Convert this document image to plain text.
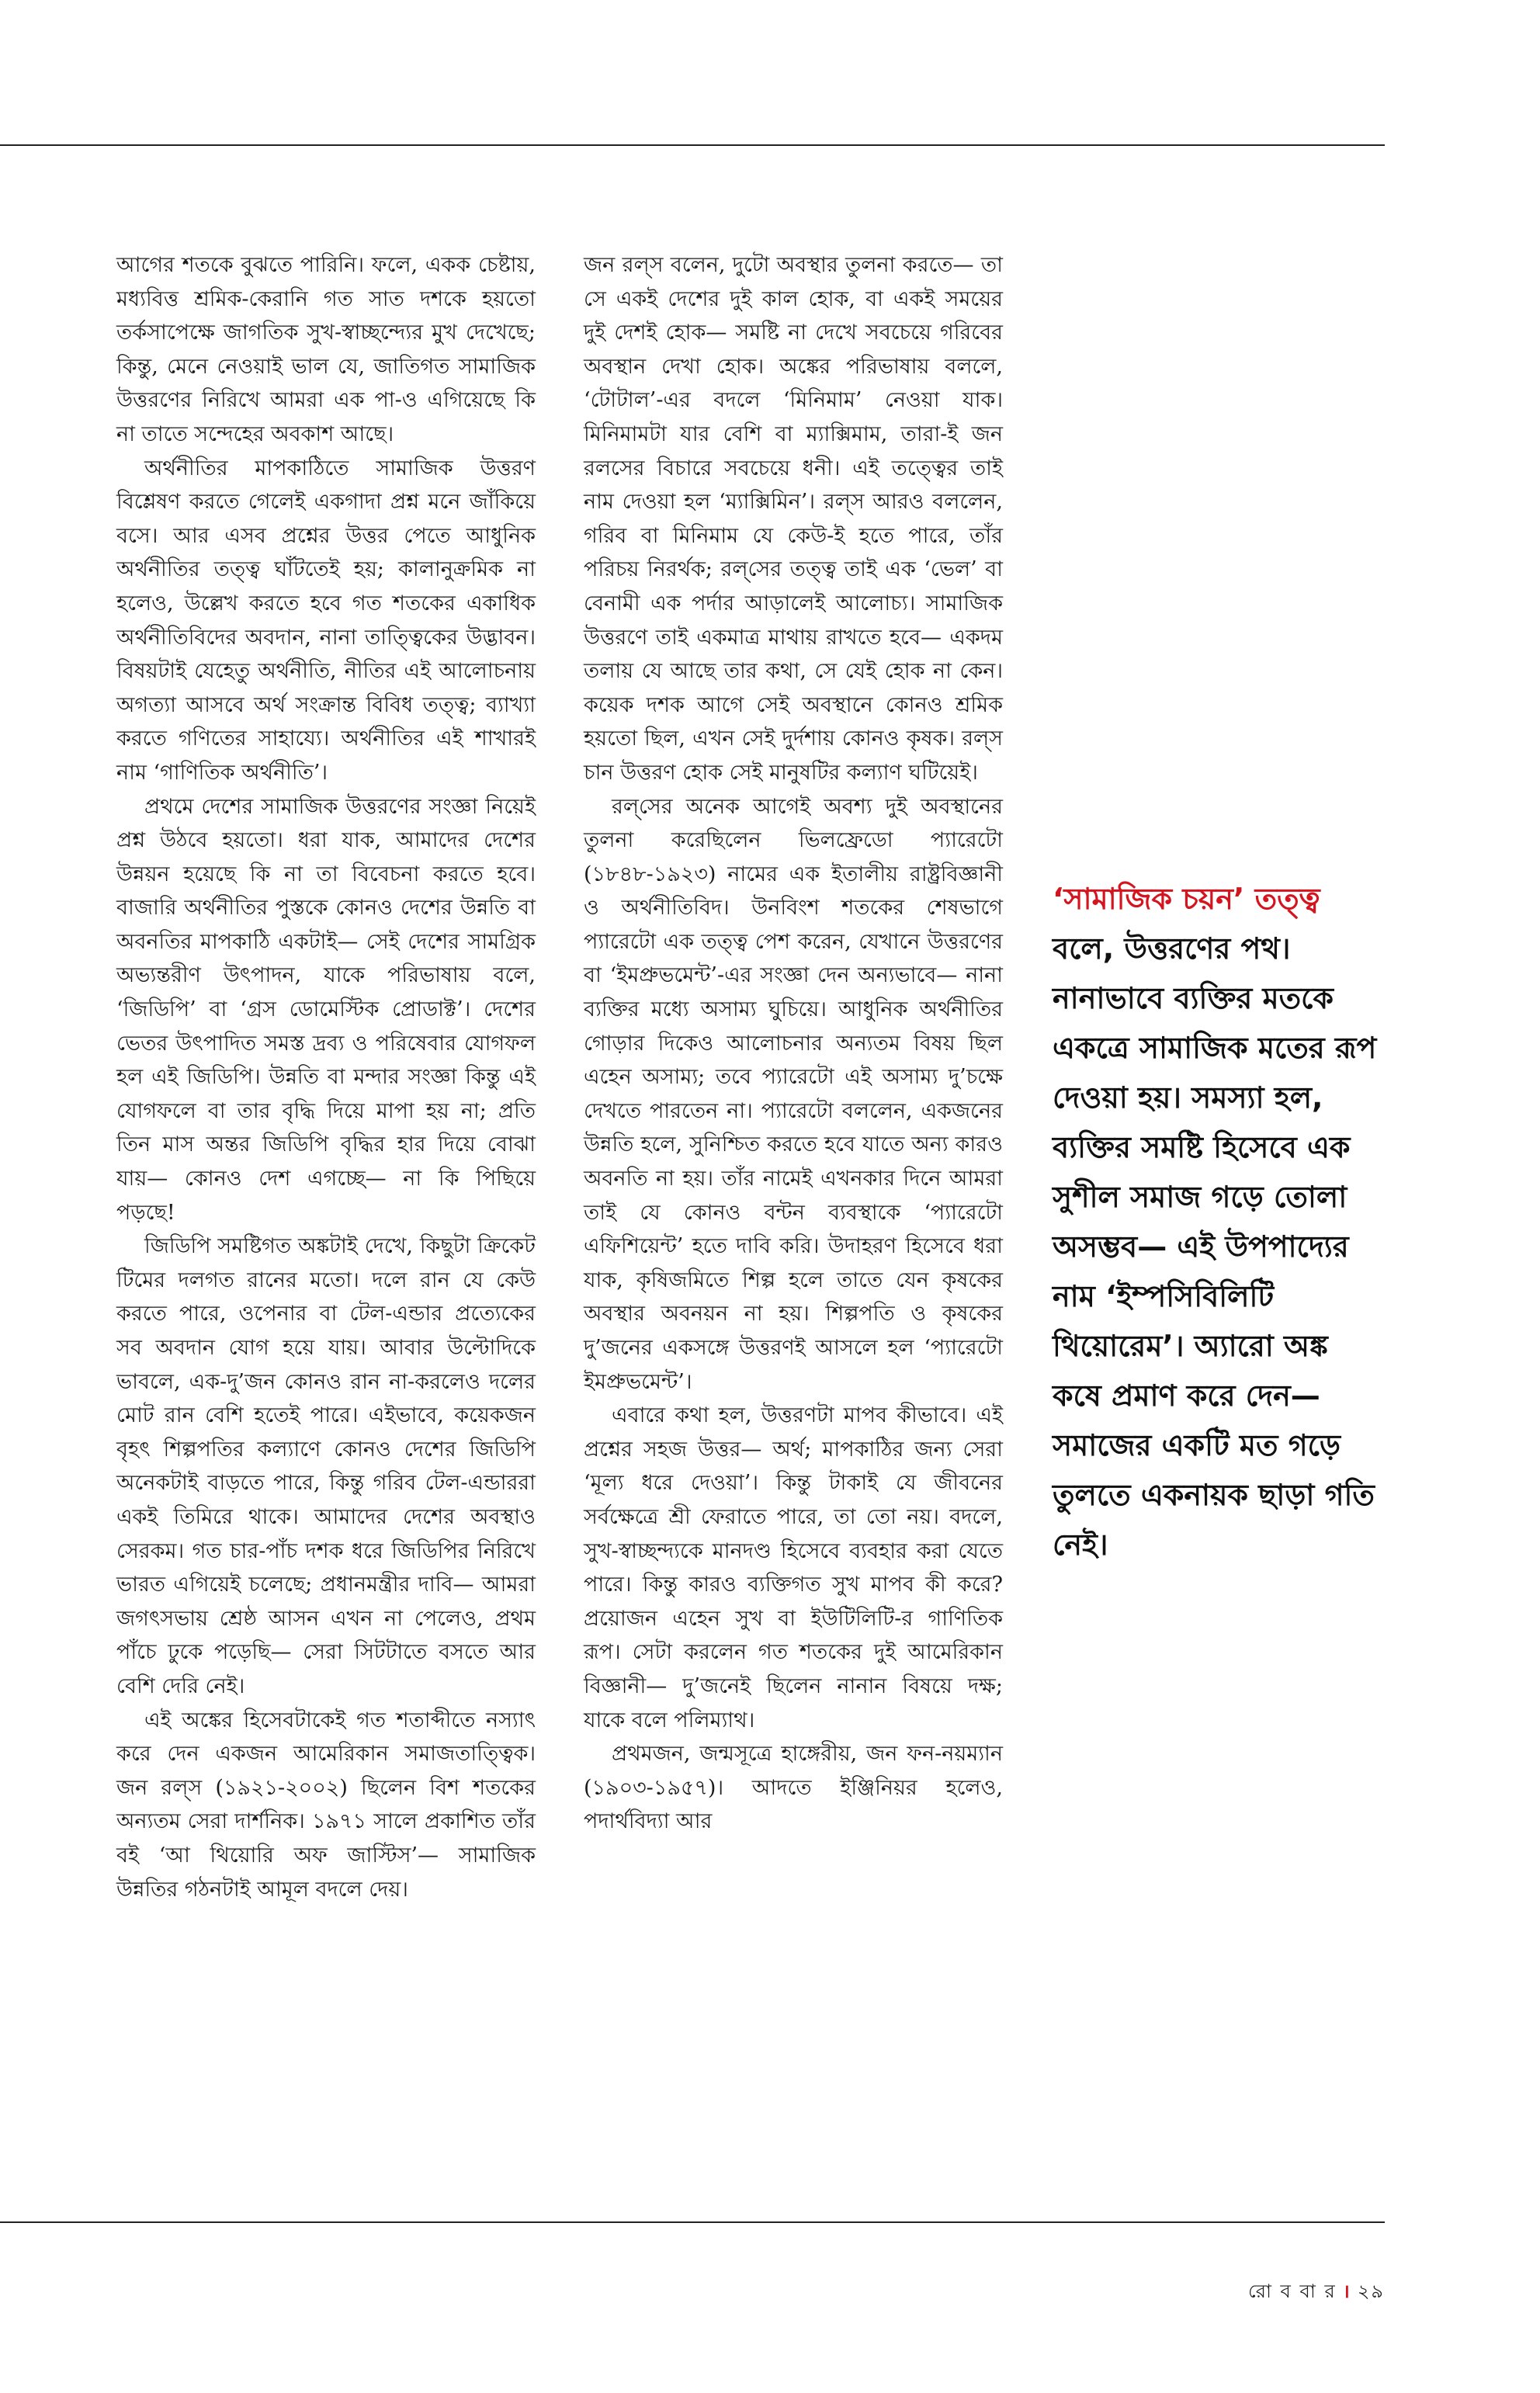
আগের শতকে বুঝতে পারিনি। ফলে, একক চেষ্টায়, মধ্যবিত্ত শ্রমিক-কেরানি গত সাত দশকে হয়তো তর্কসাপেক্ষে জাগতিক সুখ-স্বাচ্ছন্দ্যের মুখ দেখেছে; কিন্তু, মেনে নেওয়াই ভাল যে, জাতিগত সামাজিক উত্তরণের নিরিখে আমরা এক পা-ও এগিয়েছে কি না তাতে সন্দেহের অবকাশ আছে।

অর্থনীতির মাপকাঠিতে সামাজিক উত্তরণ বিশ্লেষণ করতে গেলেই একগাদা প্রশ্ন মনে জাঁকিয়ে বসে। আর এসব প্রশ্নের উত্তর পেতে আধুনিক অর্থনীতির তত্ত্ব ঘাঁটতেই হয়; কালানুক্রমিক না হলেও, উল্লেখ করতে হবে গত শতকের একাধিক অর্থনীতিবিদের অবদান, নানা তাত্ত্বিকের উদ্ভাবন। বিষয়টাই যেহেতু অর্থনীতি, নীতির এই আলোচনায় অগত্যা আসবে অর্থ সংক্রান্ত বিবিধ তত্ত্ব; ব্যাখ্যা করতে গণিতের সাহায্যে। অর্থনীতির এই শাখারই নাম ‘গাণিতিক অর্থনীতি’।

প্রথমে দেশের সামাজিক উত্তরণের সংজ্ঞা নিয়েই প্রশ্ন উঠবে হয়তো। ধরা যাক, আমাদের দেশের উন্নয়ন হয়েছে কি না তা বিবেচনা করতে হবে। বাজারি অর্থনীতির পুস্তকে কোনও দেশের উন্নতি বা অবনতির মাপকাঠি একটাই— সেই দেশের সামগ্রিক অভ্যন্তরীণ উৎপাদন, যাকে পরিভাষায় বলে, ‘জিডিপি’ বা ‘গ্রস ডোমেস্টিক প্রোডাক্ট’। দেশের ভেতর উৎপাদিত সমস্ত দ্রব্য ও পরিষেবার যোগফল হল এই জিডিপি। উন্নতি বা মন্দার সংজ্ঞা কিন্তু এই যোগফলে বা তার বৃদ্ধি দিয়ে মাপা হয় না; প্রতি তিন মাস অন্তর জিডিপি বৃদ্ধির হার দিয়ে বোঝা যায়— কোনও দেশ এগচ্ছে— না কি পিছিয়ে পড়ছে!

জিডিপি সমষ্টিগত অঙ্কটাই দেখে, কিছুটা ক্রিকেট টিমের দলগত রানের মতো। দলে রান যে কেউ করতে পারে, ওপেনার বা টেল-এন্ডার প্রত্যেকের সব অবদান যোগ হয়ে যায়। আবার উল্টোদিকে ভাবলে, এক-দু’জন কোনও রান না-করলেও দলের মোট রান বেশি হতেই পারে। এইভাবে, কয়েকজন বৃহৎ শিল্পপতির কল্যাণে কোনও দেশের জিডিপি অনেকটাই বাড়তে পারে, কিন্তু গরিব টেল-এন্ডাররা একই তিমিরে থাকে। আমাদের দেশের অবস্থাও সেরকম। গত চার-পাঁচ দশক ধরে জিডিপির নিরিখে ভারত এগিয়েই চলেছে; প্রধানমন্ত্রীর দাবি— আমরা জগৎসভায় শ্রেষ্ঠ আসন এখন না পেলেও, প্রথম পাঁচে ঢুকে পড়েছি— সেরা সিটটাতে বসতে আর বেশি দেরি নেই।

এই অঙ্কের হিসেবটাকেই গত শতাব্দীতে নস্যাৎ করে দেন একজন আমেরিকান সমাজতাত্ত্বিক। জন রল্‌স (১৯২১-২০০২) ছিলেন বিশ শতকের অন্যতম সেরা দার্শনিক। ১৯৭১ সালে প্রকাশিত তাঁর বই ‘আ থিয়োরি অফ জাস্টিস’— সামাজিক উন্নতির গঠনটাই আমূল বদলে দেয়।

জন রল্‌স বলেন, দুটো অবস্থার তুলনা করতে— তা সে একই দেশের দুই কাল হোক, বা একই সময়ের দুই দেশই হোক— সমষ্টি না দেখে সবচেয়ে গরিবের অবস্থান দেখা হোক। অঙ্কের পরিভাষায় বললে, ‘টোটাল’-এর বদলে ‘মিনিমাম’ নেওয়া যাক। মিনিমামটা যার বেশি বা ম্যাক্সিমাম, তারা-ই জন রলসের বিচারে সবচেয়ে ধনী। এই তত্ত্বের তাই নাম দেওয়া হল ‘ম্যাক্সিমিন’। রল্‌স আরও বললেন, গরিব বা মিনিমাম যে কেউ-ই হতে পারে, তাঁর পরিচয় নিরর্থক; রল্‌সের তত্ত্ব তাই এক ‘ভেল’ বা বেনামী এক পর্দার আড়ালেই আলোচ্য। সামাজিক উত্তরণে তাই একমাত্র মাথায় রাখতে হবে— একদম তলায় যে আছে তার কথা, সে যেই হোক না কেন। কয়েক দশক আগে সেই অবস্থানে কোনও শ্রমিক হয়তো ছিল, এখন সেই দুর্দশায় কোনও কৃষক। রল্‌স চান উত্তরণ হোক সেই মানুষটির কল্যাণ ঘটিয়েই।

রল্‌সের অনেক আগেই অবশ্য দুই অবস্থানের তুলনা করেছিলেন ভিলফ্রেডো প্যারেটো (১৮৪৮-১৯২৩) নামের এক ইতালীয় রাষ্ট্রবিজ্ঞানী ও অর্থনীতিবিদ। উনবিংশ শতকের শেষভাগে প্যারেটো এক তত্ত্ব পেশ করেন, যেখানে উত্তরণের বা ‘ইমপ্রুভমেন্ট’-এর সংজ্ঞা দেন অন্যভাবে— নানা ব্যক্তির মধ্যে অসাম্য ঘুচিয়ে। আধুনিক অর্থনীতির গোড়ার দিকেও আলোচনার অন্যতম বিষয় ছিল এহেন অসাম্য; তবে প্যারেটো এই অসাম্য দু’চক্ষে দেখতে পারতেন না। প্যারেটো বললেন, একজনের উন্নতি হলে, সুনিশ্চিত করতে হবে যাতে অন্য কারও অবনতি না হয়। তাঁর নামেই এখনকার দিনে আমরা তাই যে কোনও বন্টন ব্যবস্থাকে ‘প্যারেটো এফিশিয়েন্ট’ হতে দাবি করি। উদাহরণ হিসেবে ধরা যাক, কৃষিজমিতে শিল্প হলে তাতে যেন কৃষকের অবস্থার অবনয়ন না হয়। শিল্পপতি ও কৃষকের দু’জনের একসঙ্গে উত্তরণই আসলে হল ‘প্যারেটো ইমপ্রুভমেন্ট’।

এবারে কথা হল, উত্তরণটা মাপব কীভাবে। এই প্রশ্নের সহজ উত্তর— অর্থ; মাপকাঠির জন্য সেরা ‘মূল্য ধরে দেওয়া’। কিন্তু টাকাই যে জীবনের সর্বক্ষেত্রে শ্রী ফেরাতে পারে, তা তো নয়। বদলে, সুখ-স্বাচ্ছন্দ্যকে মানদণ্ড হিসেবে ব্যবহার করা যেতে পারে। কিন্তু কারও ব্যক্তিগত সুখ মাপব কী করে? প্রয়োজন এহেন সুখ বা ইউটিলিটি-র গাণিতিক রূপ। সেটা করলেন গত শতকের দুই আমেরিকান বিজ্ঞানী— দু’জনেই ছিলেন নানান বিষয়ে দক্ষ; যাকে বলে পলিম্যাথ।

প্রথমজন, জন্মসূত্রে হাঙ্গেরীয়, জন ফন-নয়ম্যান (১৯০৩-১৯৫৭)। আদতে ইঞ্জিনিয়র হলেও, পদার্থবিদ্যা আর

‘সামাজিক চয়ন’ তত্ত্ব বলে, উত্তরণের পথ। নানাভাবে ব্যক্তির মতকে একত্রে সামাজিক মতের রূপ দেওয়া হয়। সমস্যা হল, ব্যক্তির সমষ্টি হিসেবে এক সুশীল সমাজ গড়ে তোলা অসম্ভব— এই উপপাদ্যের নাম ‘ইম্পসিবিলিটি থিয়োরেম’। অ্যারো অঙ্ক কষে প্রমাণ করে দেন— সমাজের একটি মত গড়ে তুলতে একনায়ক ছাড়া গতি নেই।
রো ব বা র । ২৯
